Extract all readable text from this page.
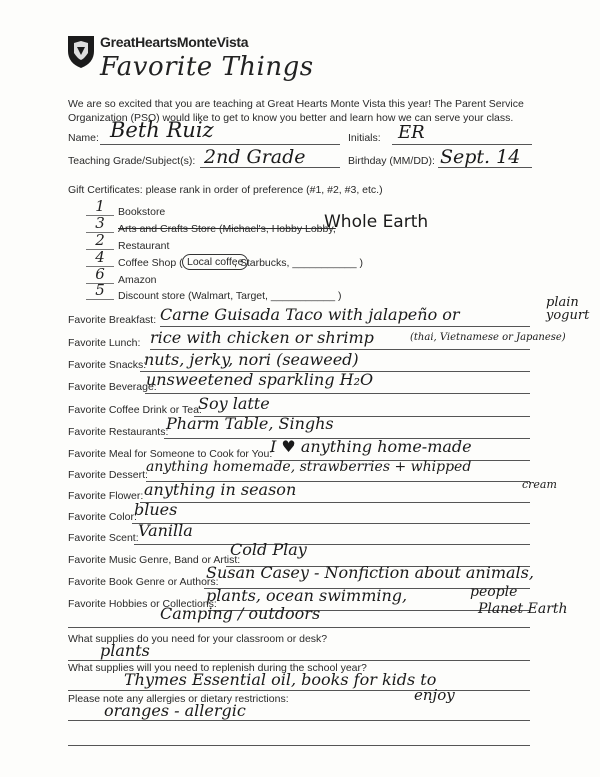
GreatHeartsMonteVista
Favorite Things
We are so excited that you are teaching at Great Hearts Monte Vista this year! The Parent Service Organization (PSO) would like to get to know you better and learn how we can serve your class.
Name: Beth Ruiz	Initials: ER
Teaching Grade/Subject(s): 2nd Grade	Birthday (MM/DD): Sept. 14
Gift Certificates: please rank in order of preference (#1, #2, #3, etc.)
1	Bookstore
3	Arts and Crafts Store (Michael's, Hobby Lobby,
Whole Earth
2	Restaurant
4	Coffee Shop ( Local coffee
, Starbucks, ___________ )
6	Amazon
5	Discount store (Walmart, Target, ___________ )
Favorite Breakfast: Carne Guisada Taco with jalapeño or
plain yogurt
Favorite Lunch: rice with chicken or shrimp	(thai, Vietnamese or Japanese)
Favorite Snacks:
nuts, jerky, nori (seaweed)
Favorite Beverage:
unsweetened sparkling H₂O
Favorite Coffee Drink or Tea:
Soy latte
Favorite Restaurants:
Pharm Table, Singhs
Favorite Meal for Someone to Cook for You:
I ♥ anything home-made
Favorite Dessert:
anything homemade, strawberries + whipped
cream
Favorite Flower: anything in season
Favorite Color:
blues
Favorite Scent: Vanilla
Favorite Music Genre, Band or Artist:
Cold Play
Favorite Book Genre or Authors:
Susan Casey - Nonfiction about animals,
people
Favorite Hobbies or Collections:
plants, ocean swimming,
Planet Earth
Camping / outdoors
What supplies do you need for your classroom or desk?
plants
What supplies will you need to replenish during the school year?
Thymes Essential oil, books for kids to
enjoy
Please note any allergies or dietary restrictions:
oranges - allergic
